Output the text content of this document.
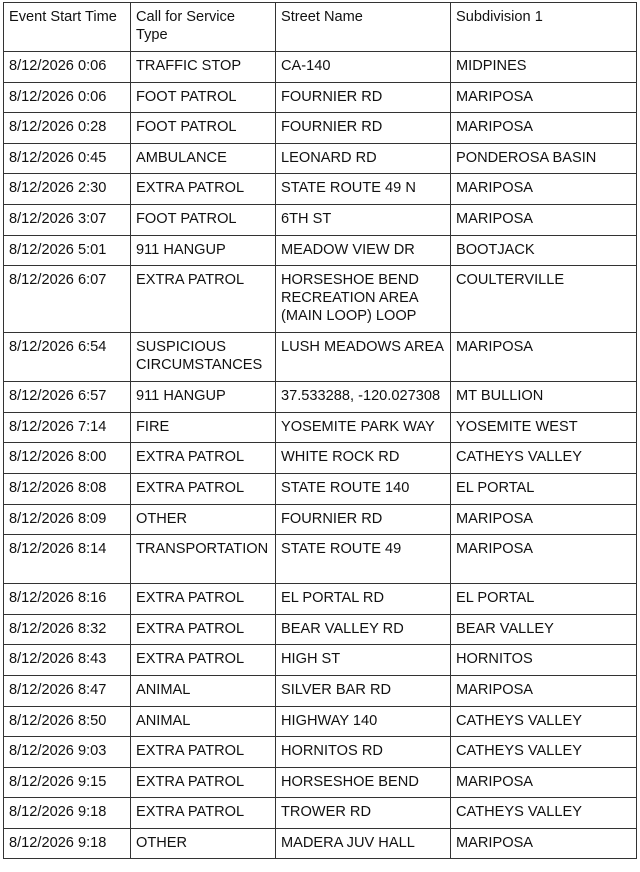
Event Start Time	Call for Service Type	Street Name	Subdivision 1
8/12/2026 0:06	TRAFFIC STOP	CA-140	MIDPINES
8/12/2026 0:06	FOOT PATROL	FOURNIER RD	MARIPOSA
8/12/2026 0:28	FOOT PATROL	FOURNIER RD	MARIPOSA
8/12/2026 0:45	AMBULANCE	LEONARD RD	PONDEROSA BASIN
8/12/2026 2:30	EXTRA PATROL	STATE ROUTE 49 N	MARIPOSA
8/12/2026 3:07	FOOT PATROL	6TH ST	MARIPOSA
8/12/2026 5:01	911 HANGUP	MEADOW VIEW DR	BOOTJACK
8/12/2026 6:07	EXTRA PATROL	HORSESHOE BEND RECREATION AREA (MAIN LOOP) LOOP	COULTERVILLE
8/12/2026 6:54	SUSPICIOUS CIRCUMSTANCES	LUSH MEADOWS AREA	MARIPOSA
8/12/2026 6:57	911 HANGUP	37.533288, -120.027308	MT BULLION
8/12/2026 7:14	FIRE	YOSEMITE PARK WAY	YOSEMITE WEST
8/12/2026 8:00	EXTRA PATROL	WHITE ROCK RD	CATHEYS VALLEY
8/12/2026 8:08	EXTRA PATROL	STATE ROUTE 140	EL PORTAL
8/12/2026 8:09	OTHER	FOURNIER RD	MARIPOSA
8/12/2026 8:14	TRANSPORTATION	STATE ROUTE 49	MARIPOSA
8/12/2026 8:16	EXTRA PATROL	EL PORTAL RD	EL PORTAL
8/12/2026 8:32	EXTRA PATROL	BEAR VALLEY RD	BEAR VALLEY
8/12/2026 8:43	EXTRA PATROL	HIGH ST	HORNITOS
8/12/2026 8:47	ANIMAL	SILVER BAR RD	MARIPOSA
8/12/2026 8:50	ANIMAL	HIGHWAY 140	CATHEYS VALLEY
8/12/2026 9:03	EXTRA PATROL	HORNITOS RD	CATHEYS VALLEY
8/12/2026 9:15	EXTRA PATROL	HORSESHOE BEND	MARIPOSA
8/12/2026 9:18	EXTRA PATROL	TROWER RD	CATHEYS VALLEY
8/12/2026 9:18	OTHER	MADERA JUV HALL	MARIPOSA
